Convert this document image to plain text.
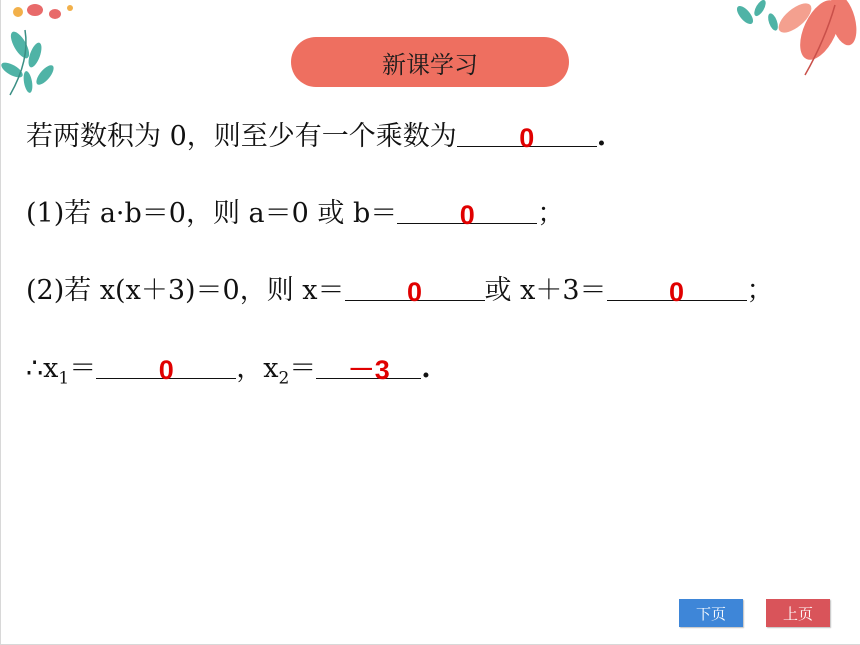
新课学习
若两数积为 0，则至少有一个乘数为 0 .
(1)若 a·b＝0，则 a＝0 或 b＝ 0 ；
(2)若 x(x＋3)＝0，则 x＝ 0 或 x＋3＝ 0 ；
$\therefore x_1= 0$ ，$x_2= -3$ .
下页	上页
